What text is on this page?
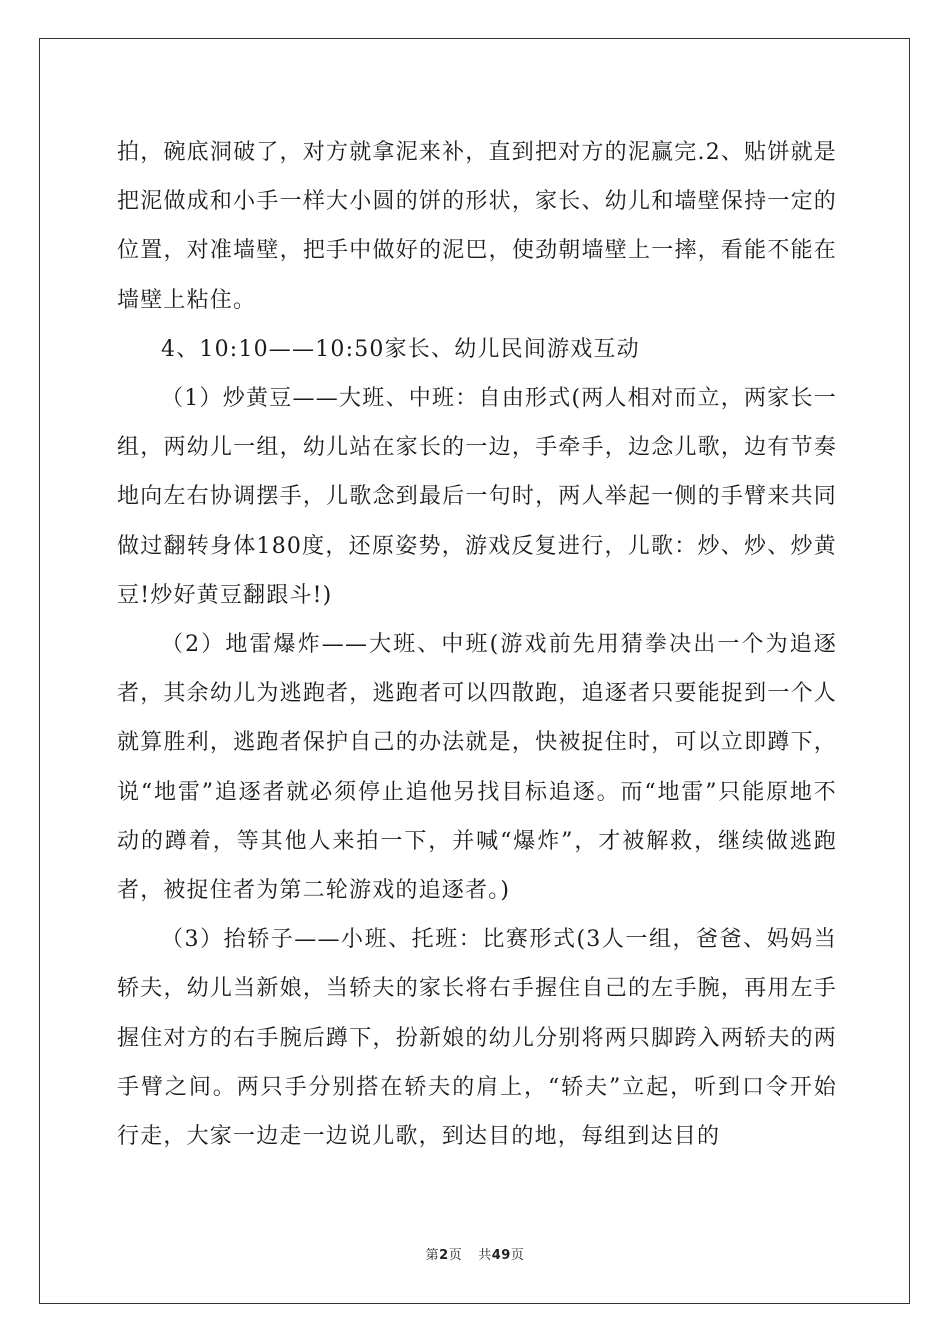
拍，碗底洞破了，对方就拿泥来补，直到把对方的泥赢完.2、贴饼就是把泥做成和小手一样大小圆的饼的形状，家长、幼儿和墙壁保持一定的位置，对准墙壁，把手中做好的泥巴，使劲朝墙壁上一摔，看能不能在墙壁上粘住。

4、10:10——10:50家长、幼儿民间游戏互动

（1）炒黄豆——大班、中班：自由形式(两人相对而立，两家长一组，两幼儿一组，幼儿站在家长的一边，手牵手，边念儿歌，边有节奏地向左右协调摆手，儿歌念到最后一句时，两人举起一侧的手臂来共同做过翻转身体180度，还原姿势，游戏反复进行，儿歌：炒、炒、炒黄豆!炒好黄豆翻跟斗!)

（2）地雷爆炸——大班、中班(游戏前先用猜拳决出一个为追逐者，其余幼儿为逃跑者，逃跑者可以四散跑，追逐者只要能捉到一个人就算胜利，逃跑者保护自己的办法就是，快被捉住时，可以立即蹲下，说“地雷”追逐者就必须停止追他另找目标追逐。而“地雷”只能原地不动的蹲着，等其他人来拍一下，并喊“爆炸”，才被解救，继续做逃跑者，被捉住者为第二轮游戏的追逐者。)

（3）抬轿子——小班、托班：比赛形式(3人一组，爸爸、妈妈当轿夫，幼儿当新娘，当轿夫的家长将右手握住自己的左手腕，再用左手握住对方的右手腕后蹲下，扮新娘的幼儿分别将两只脚跨入两轿夫的两手臂之间。两只手分别搭在轿夫的肩上，“轿夫”立起，听到口令开始行走，大家一边走一边说儿歌，到达目的地，每组到达目的

第2页 共49页
